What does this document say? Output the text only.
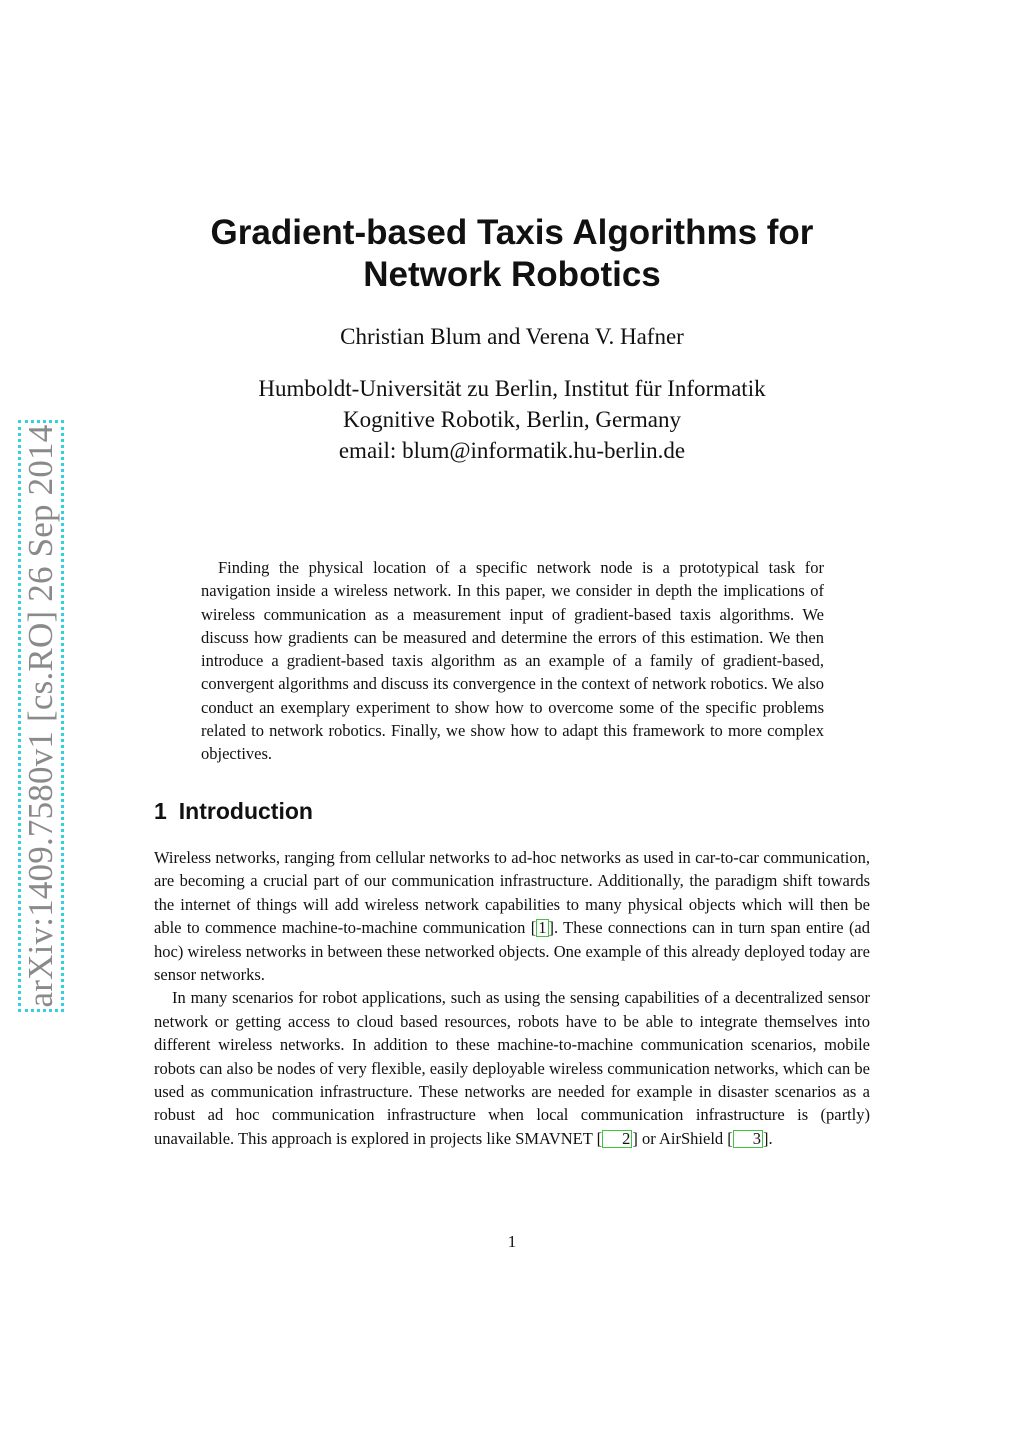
arXiv:1409.7580v1 [cs.RO] 26 Sep 2014
Gradient-based Taxis Algorithms for
Network Robotics
Christian Blum and Verena V. Hafner
Humboldt-Universität zu Berlin, Institut für Informatik
Kognitive Robotik, Berlin, Germany
email: blum@informatik.hu-berlin.de

Finding the physical location of a specific network node is a prototypical task for navigation inside a wireless network. In this paper, we consider in depth the implications of wireless communication as a measurement input of gradient-based taxis algorithms. We discuss how gradients can be measured and determine the errors of this estimation. We then introduce a gradient-based taxis algorithm as an example of a family of gradient-based, convergent algorithms and discuss its convergence in the context of network robotics. We also conduct an exemplary experiment to show how to overcome some of the specific problems related to network robotics. Finally, we show how to adapt this framework to more complex objectives.

1 Introduction

Wireless networks, ranging from cellular networks to ad-hoc networks as used in car-to-car communication, are becoming a crucial part of our communication infrastructure. Additionally, the paradigm shift towards the internet of things will add wireless network capabilities to many physical objects which will then be able to commence machine-to-machine communication [ 1 ]. These connections can in turn span entire (ad hoc) wireless networks in between these networked objects. One example of this already deployed today are sensor networks.

In many scenarios for robot applications, such as using the sensing capabilities of a decentralized sensor network or getting access to cloud based resources, robots have to be able to integrate themselves into different wireless networks. In addition to these machine-to-machine communication scenarios, mobile robots can also be nodes of very flexible, easily deployable wireless communication networks, which can be used as communication infrastructure. These networks are needed for example in disaster scenarios as a robust ad hoc communication infrastructure when local communication infrastructure is (partly) unavailable. This approach is explored in projects like SMAVNET [ 2 ] or AirShield [ 3 ].

1
